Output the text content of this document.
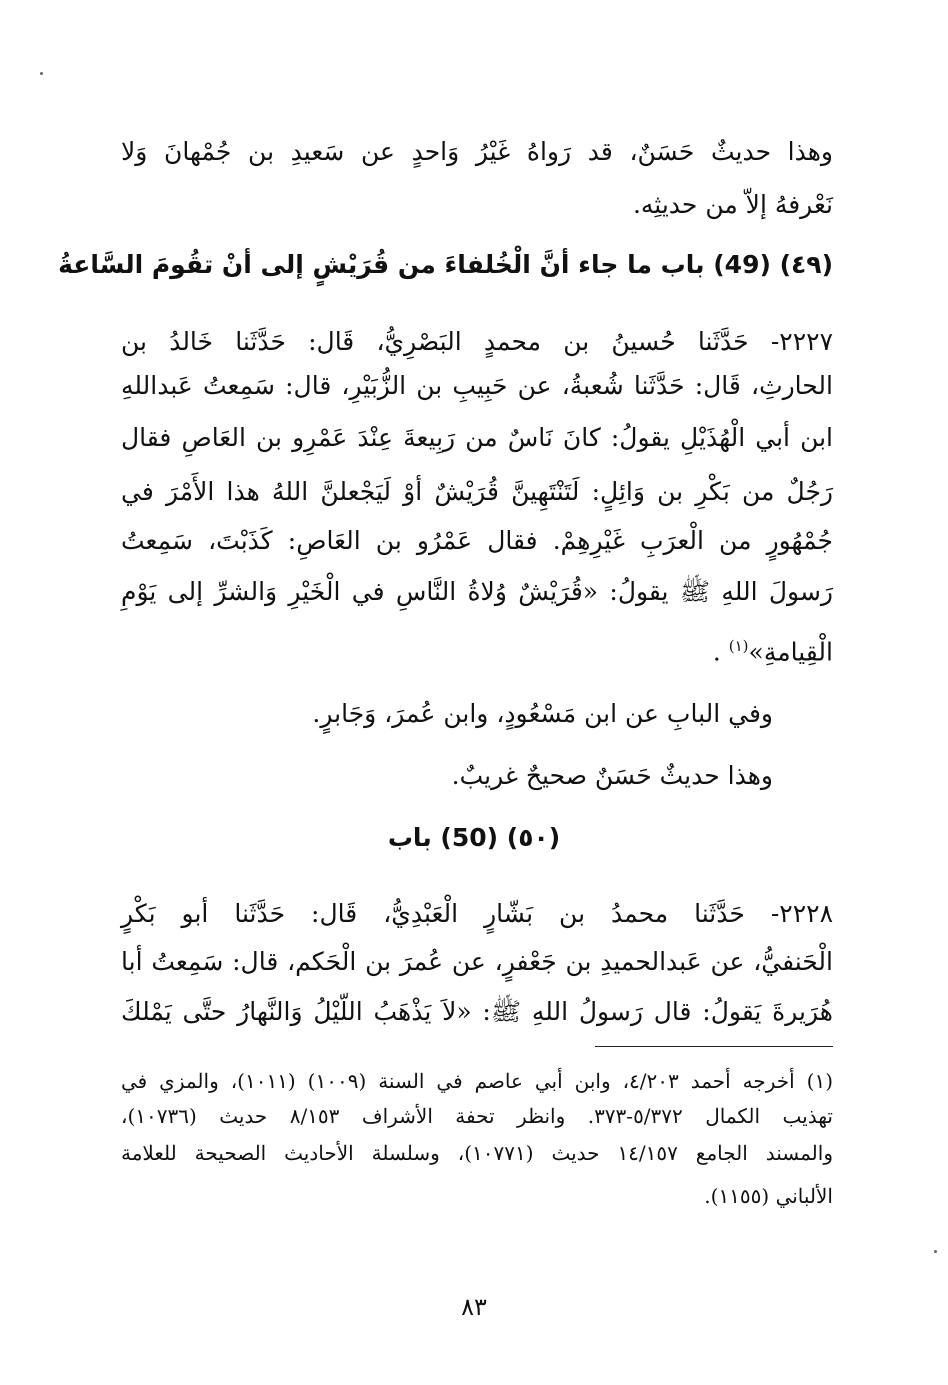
وهذا حديثٌ حَسَنٌ، قد رَواهُ غَيْرُ وَاحدٍ عن سَعيدِ بن جُمْهانَ وَلا

نَعْرفهُ إلاّ من حديثِه.

(٤٩) (49) باب ما جاء أنَّ الْخُلفاءَ من قُرَيْشٍ إلى أنْ تقُومَ السَّاعةُ

٢٢٢٧- حَدَّثَنا حُسينُ بن محمدٍ البَصْرِيُّ، قَال: حَدَّثَنا خَالدُ بن

الحارثِ، قَال: حَدَّثَنا شُعبةُ، عن حَبِيبِ بن الزُّبَيْرِ، قال: سَمِعتُ عَبداللهِ

ابن أبي الْهُذَيْلِ يقولُ: كانَ نَاسٌ من رَبِيعةَ عِنْدَ عَمْرِو بن العَاصِ فقال

رَجُلٌ من بَكْرِ بن وَائِلٍ: لَتَنْتَهِينَّ قُرَيْشٌ أوْ لَيَجْعلنَّ اللهُ هذا الأَمْرَ في

جُمْهُورٍ من الْعرَبِ غَيْرِهِمْ. فقال عَمْرُو بن العَاصِ: كَذَبْتَ، سَمِعتُ

رَسولَ اللهِ ﷺ يقولُ: «قُرَيْشٌ وُلاةُ النَّاسِ في الْخَيْرِ وَالشرِّ إلى يَوْمِ

الْقِيامةِ»$^{(١)}$ .

وفي البابِ عن ابن مَسْعُودٍ، وابن عُمرَ، وَجَابرٍ.

وهذا حديثٌ حَسَنٌ صحيحٌ غريبٌ.

(٥٠) (50) باب

٢٢٢٨- حَدَّثَنا محمدُ بن بَشّارٍ الْعَبْدِيُّ، قَال: حَدَّثَنا أبو بَكْرٍ

الْحَنفيُّ، عن عَبدالحميدِ بن جَعْفرٍ، عن عُمرَ بن الْحَكم، قال: سَمِعتُ أبا

هُرَيرةَ يَقولُ: قال رَسولُ اللهِ ﷺ: «لاَ يَذْهَبُ اللّيْلُ وَالنَّهارُ حتَّى يَمْلكَ

(١) أخرجه أحمد ٤/٢٠٣، وابن أبي عاصم في السنة (١٠٠٩) (١٠١١)، والمزي في

تهذيب الكمال ٥/٣٧٢-٣٧٣. وانظر تحفة الأشراف ٨/١٥٣ حديث (١٠٧٣٦)،

والمسند الجامع ١٤/١٥٧ حديث (١٠٧٧١)، وسلسلة الأحاديث الصحيحة للعلامة

الألباني (١١٥٥).

٨٣
